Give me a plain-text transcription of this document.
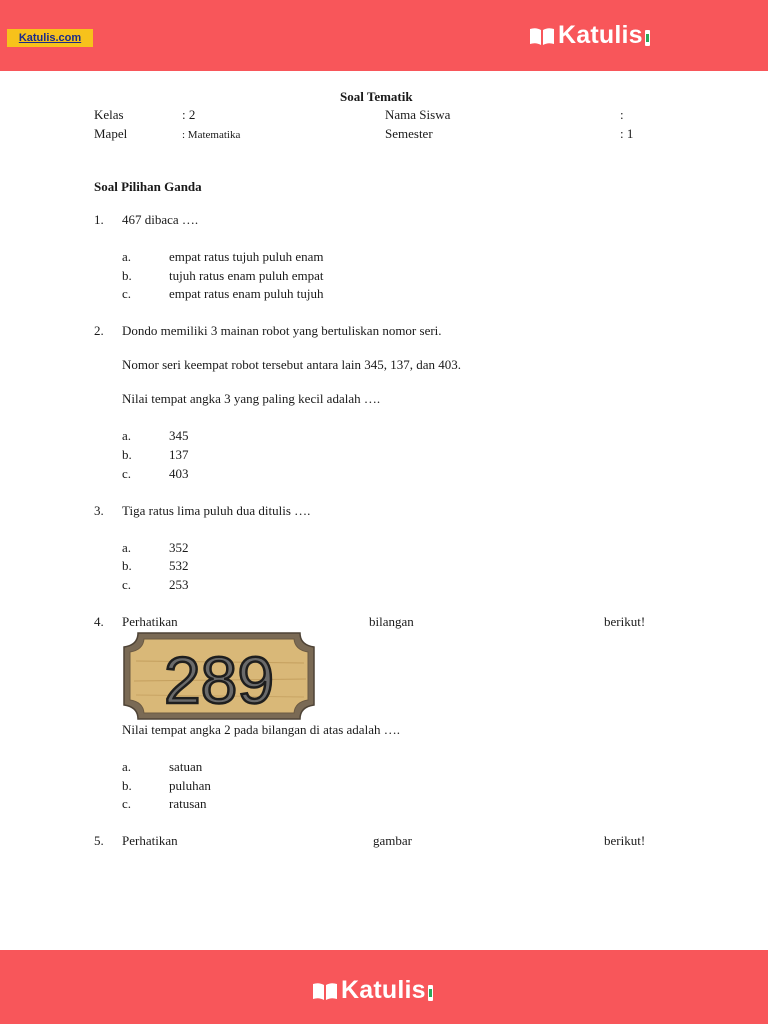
Katulis.com	Katulis
Soal Tematik
Kelas	: 2	Nama Siswa	:
Mapel	: Matematika	Semester	: 1
Soal Pilihan Ganda
1. 467 dibaca ….
a.	empat ratus tujuh puluh enam
b.	tujuh ratus enam puluh empat
c.	empat ratus enam puluh tujuh
2. Dondo memiliki 3 mainan robot yang bertuliskan nomor seri.
Nomor seri keempat robot tersebut antara lain 345, 137, dan 403.
Nilai tempat angka 3 yang paling kecil adalah ….
a.	345
b.	137
c.	403
3. Tiga ratus lima puluh dua ditulis ….
a.	352
b.	532
c.	253
4. Perhatikan	bilangan	berikut!
289
Nilai tempat angka 2 pada bilangan di atas adalah ….
a.	satuan
b.	puluhan
c.	ratusan
5. Perhatikan	gambar	berikut!
Katulis
